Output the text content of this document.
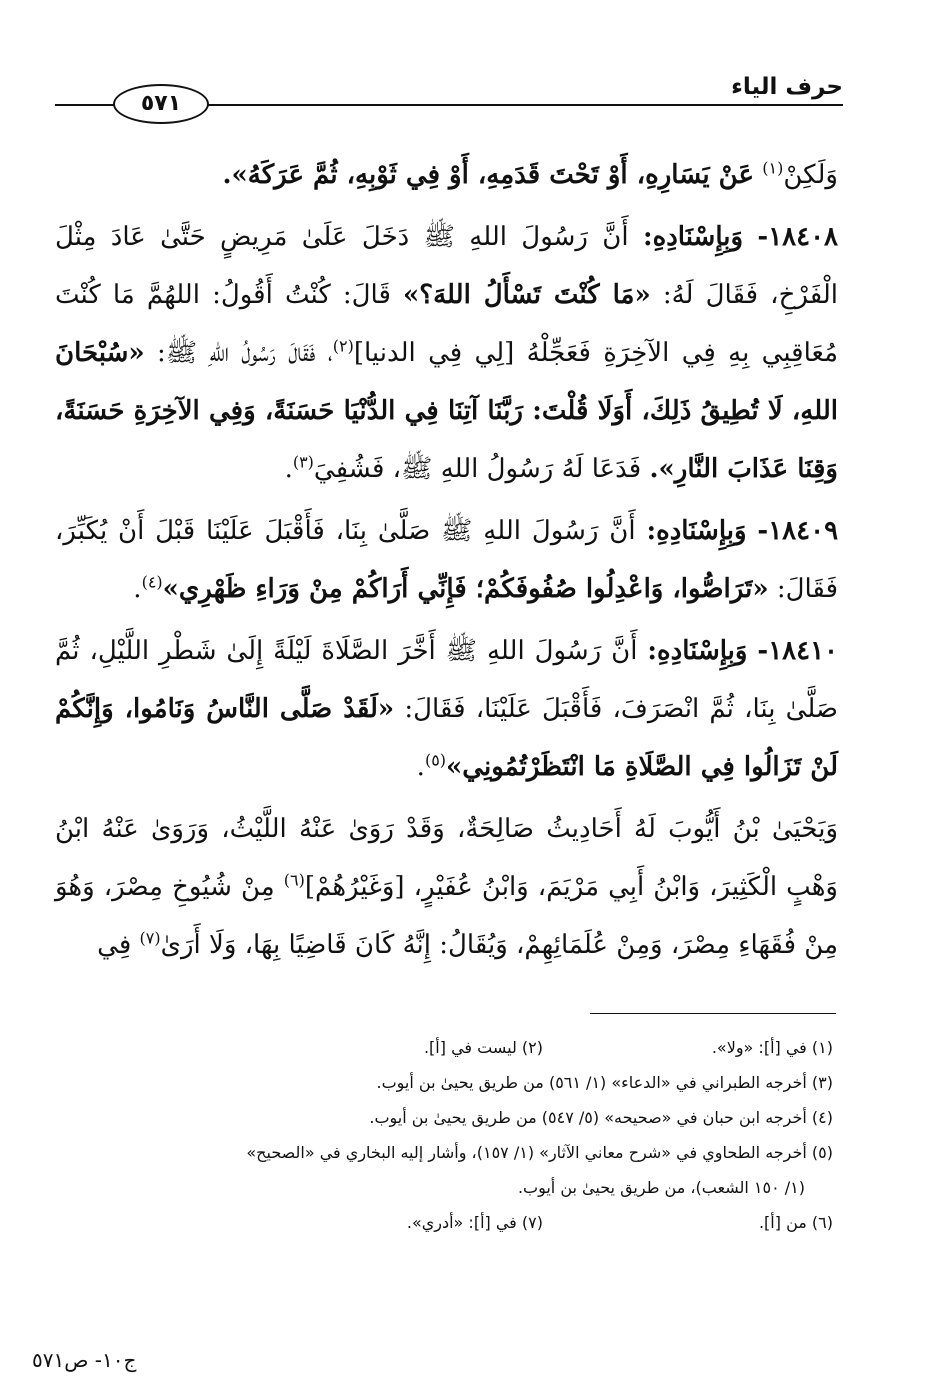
حرف الياء
٥٧١

وَلَكِنْ$^{(١)}$ عَنْ يَسَارِهِ، أَوْ تَحْتَ قَدَمِهِ، أَوْ فِي ثَوْبِهِ، ثُمَّ عَرَكَهُ».

١٨٤٠٨- وَبِإِسْنَادِهِ: أَنَّ رَسُولَ اللهِ ﷺ دَخَلَ عَلَىٰ مَرِيضٍ حَتَّىٰ عَادَ مِثْلَ الْفَرْخِ، فَقَالَ لَهُ: «مَا كُنْتَ تَسْأَلُ اللهَ؟» قَالَ: كُنْتُ أَقُولُ: اللهُمَّ مَا كُنْتَ مُعَاقِبِي بِهِ فِي الآخِرَةِ فَعَجِّلْهُ [لِي فِي الدنيا]$^{(٢)}$، فَقَالَ رَسُولُ اللهِ ﷺ: «سُبْحَانَ اللهِ، لَا تُطِيقُ ذَلِكَ، أَوَلَا قُلْتَ: رَبَّنَا آتِنَا فِي الدُّنْيَا حَسَنَةً، وَفِي الآخِرَةِ حَسَنَةً، وَقِنَا عَذَابَ النَّارِ». فَدَعَا لَهُ رَسُولُ اللهِ ﷺ، فَشُفِيَ$^{(٣)}$.

١٨٤٠٩- وَبِإِسْنَادِهِ: أَنَّ رَسُولَ اللهِ ﷺ صَلَّىٰ بِنَا، فَأَقْبَلَ عَلَيْنَا قَبْلَ أَنْ يُكَبِّرَ، فَقَالَ: «تَرَاصُّوا، وَاعْدِلُوا صُفُوفَكُمْ؛ فَإِنِّي أَرَاكُمْ مِنْ وَرَاءِ ظَهْرِي»$^{(٤)}$.

١٨٤١٠- وَبِإِسْنَادِهِ: أَنَّ رَسُولَ اللهِ ﷺ أَخَّرَ الصَّلَاةَ لَيْلَةً إِلَىٰ شَطْرِ اللَّيْلِ، ثُمَّ صَلَّىٰ بِنَا، ثُمَّ انْصَرَفَ، فَأَقْبَلَ عَلَيْنَا، فَقَالَ: «لَقَدْ صَلَّى النَّاسُ وَنَامُوا، وَإِنَّكُمْ لَنْ تَزَالُوا فِي الصَّلَاةِ مَا انْتَظَرْتُمُونِي»$^{(٥)}$.

وَيَحْيَىٰ بْنُ أَيُّوبَ لَهُ أَحَادِيثُ صَالِحَةٌ، وَقَدْ رَوَىٰ عَنْهُ اللَّيْثُ، وَرَوَىٰ عَنْهُ ابْنُ وَهْبٍ الْكَثِيرَ، وَابْنُ أَبِي مَرْيَمَ، وَابْنُ عُفَيْرٍ، [وَغَيْرُهُمْ]$^{(٦)}$ مِنْ شُيُوخِ مِصْرَ، وَهُوَ مِنْ فُقَهَاءِ مِصْرَ، وَمِنْ عُلَمَائِهِمْ، وَيُقَالُ: إِنَّهُ كَانَ قَاضِيًا بِهَا، وَلَا أَرَىٰ$^{(٧)}$ فِي

(١) في [أ]: «ولا».
(٢) ليست في [أ].
(٣) أخرجه الطبراني في «الدعاء» (١/ ٥٦١) من طريق يحيىٰ بن أيوب.
(٤) أخرجه ابن حبان في «صحيحه» (٥/ ٥٤٧) من طريق يحيىٰ بن أيوب.
(٥) أخرجه الطحاوي في «شرح معاني الآثار» (١/ ١٥٧)، وأشار إليه البخاري في «الصحيح»
(١/ ١٥٠ الشعب)، من طريق يحيىٰ بن أيوب.
(٦) من [أ].
(٧) في [أ]: «أدري».
ج١٠- ص٥٧١
